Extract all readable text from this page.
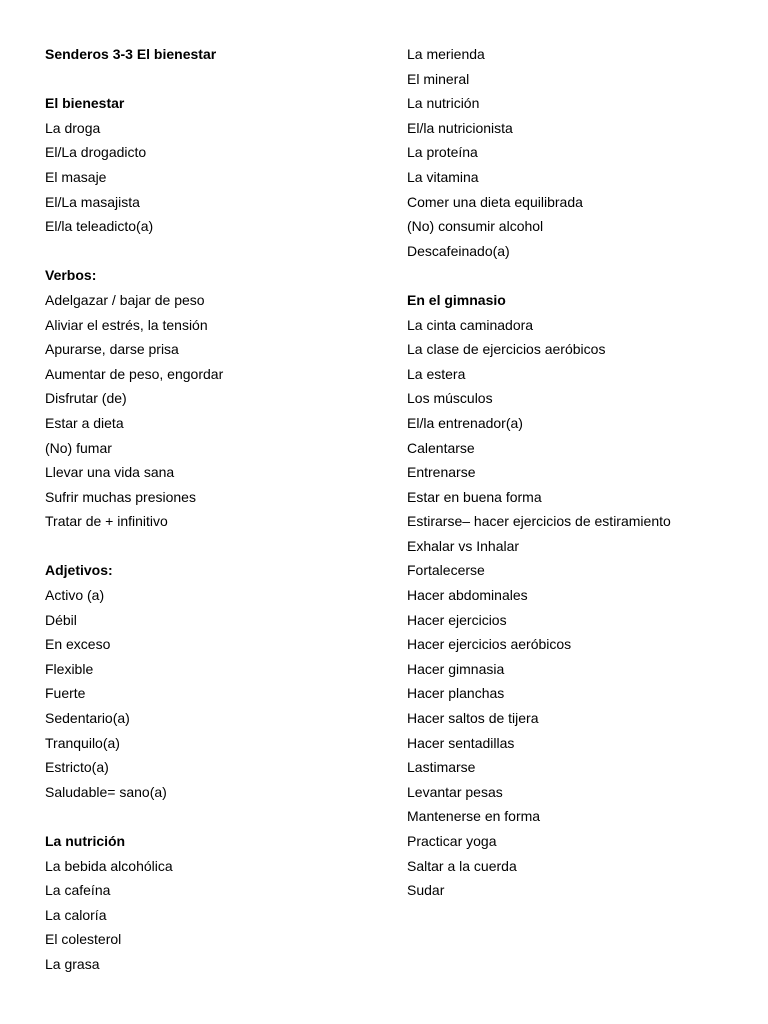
Senderos 3-3 El bienestar
El bienestar
La droga
El/La drogadicto
El masaje
El/La masajista
El/la teleadicto(a)
Verbos:
Adelgazar / bajar de peso
Aliviar el estrés, la tensión
Apurarse, darse prisa
Aumentar de peso, engordar
Disfrutar (de)
Estar a dieta
(No) fumar
Llevar una vida sana
Sufrir muchas presiones
Tratar de + infinitivo
Adjetivos:
Activo (a)
Débil
En exceso
Flexible
Fuerte
Sedentario(a)
Tranquilo(a)
Estricto(a)
Saludable= sano(a)
La nutrición
La bebida alcohólica
La cafeína
La caloría
El colesterol
La grasa
La merienda
El mineral
La nutrición
El/la nutricionista
La proteína
La vitamina
Comer una dieta equilibrada
(No) consumir alcohol
Descafeinado(a)
En el gimnasio
La cinta caminadora
La clase de ejercicios aeróbicos
La estera
Los músculos
El/la entrenador(a)
Calentarse
Entrenarse
Estar en buena forma
Estirarse– hacer ejercicios de estiramiento
Exhalar vs Inhalar
Fortalecerse
Hacer abdominales
Hacer ejercicios
Hacer ejercicios aeróbicos
Hacer gimnasia
Hacer planchas
Hacer saltos de tijera
Hacer sentadillas
Lastimarse
Levantar pesas
Mantenerse en forma
Practicar yoga
Saltar a la cuerda
Sudar
